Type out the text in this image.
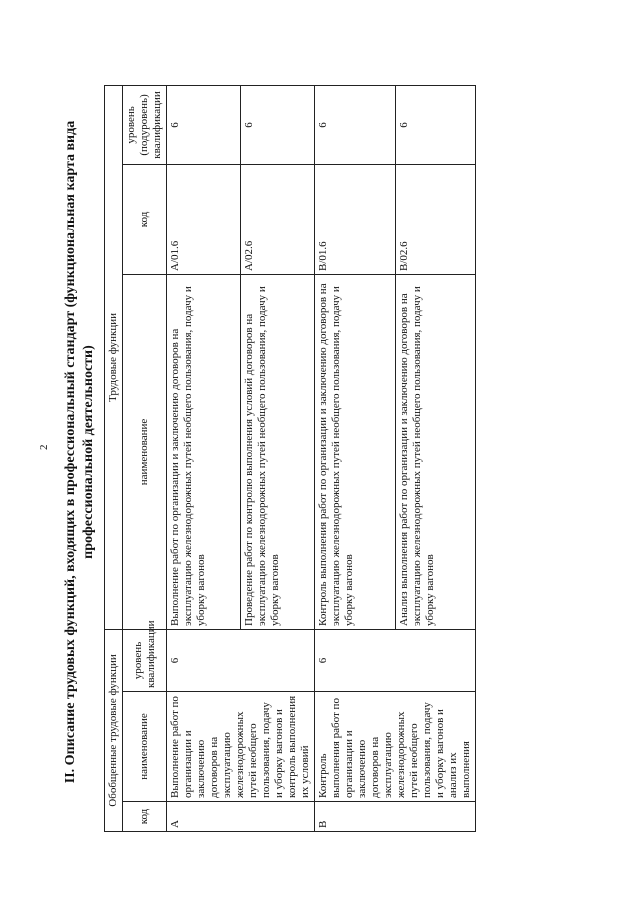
2 II. Описание трудовых функций, входящих в профессиональный стандарт (функциональная карта вида профессиональной деятельности)
Обобщенные трудовые функции			Трудовые функции		
код	наименование	уровень квалификации	наименование	код	уровень (подуровень) квалификации
A	Выполнение работ по организации и заключению договоров на эксплуатацию железнодорожных путей необщего пользования, подачу и уборку вагонов и контроль выполнения их условий	6	Выполнение работ по организации и заключению договоров на эксплуатацию железнодорожных путей необщего пользования, подачу и уборку вагонов	A/01.6	6
			Проведение работ по контролю выполнения условий договоров на эксплуатацию железнодорожных путей необщего пользования, подачу и уборку вагонов	A/02.6	6
B	Контроль выполнения работ по организации и заключению договоров на эксплуатацию железнодорожных путей необщего пользования, подачу и уборку вагонов и анализ их выполнения	6	Контроль выполнения работ по организации и заключению договоров на эксплуатацию железнодорожных путей необщего пользования, подачу и уборку вагонов	B/01.6	6
			Анализ выполнения работ по организации и заключению договоров на эксплуатацию железнодорожных путей необщего пользования, подачу и уборку вагонов	B/02.6	6
